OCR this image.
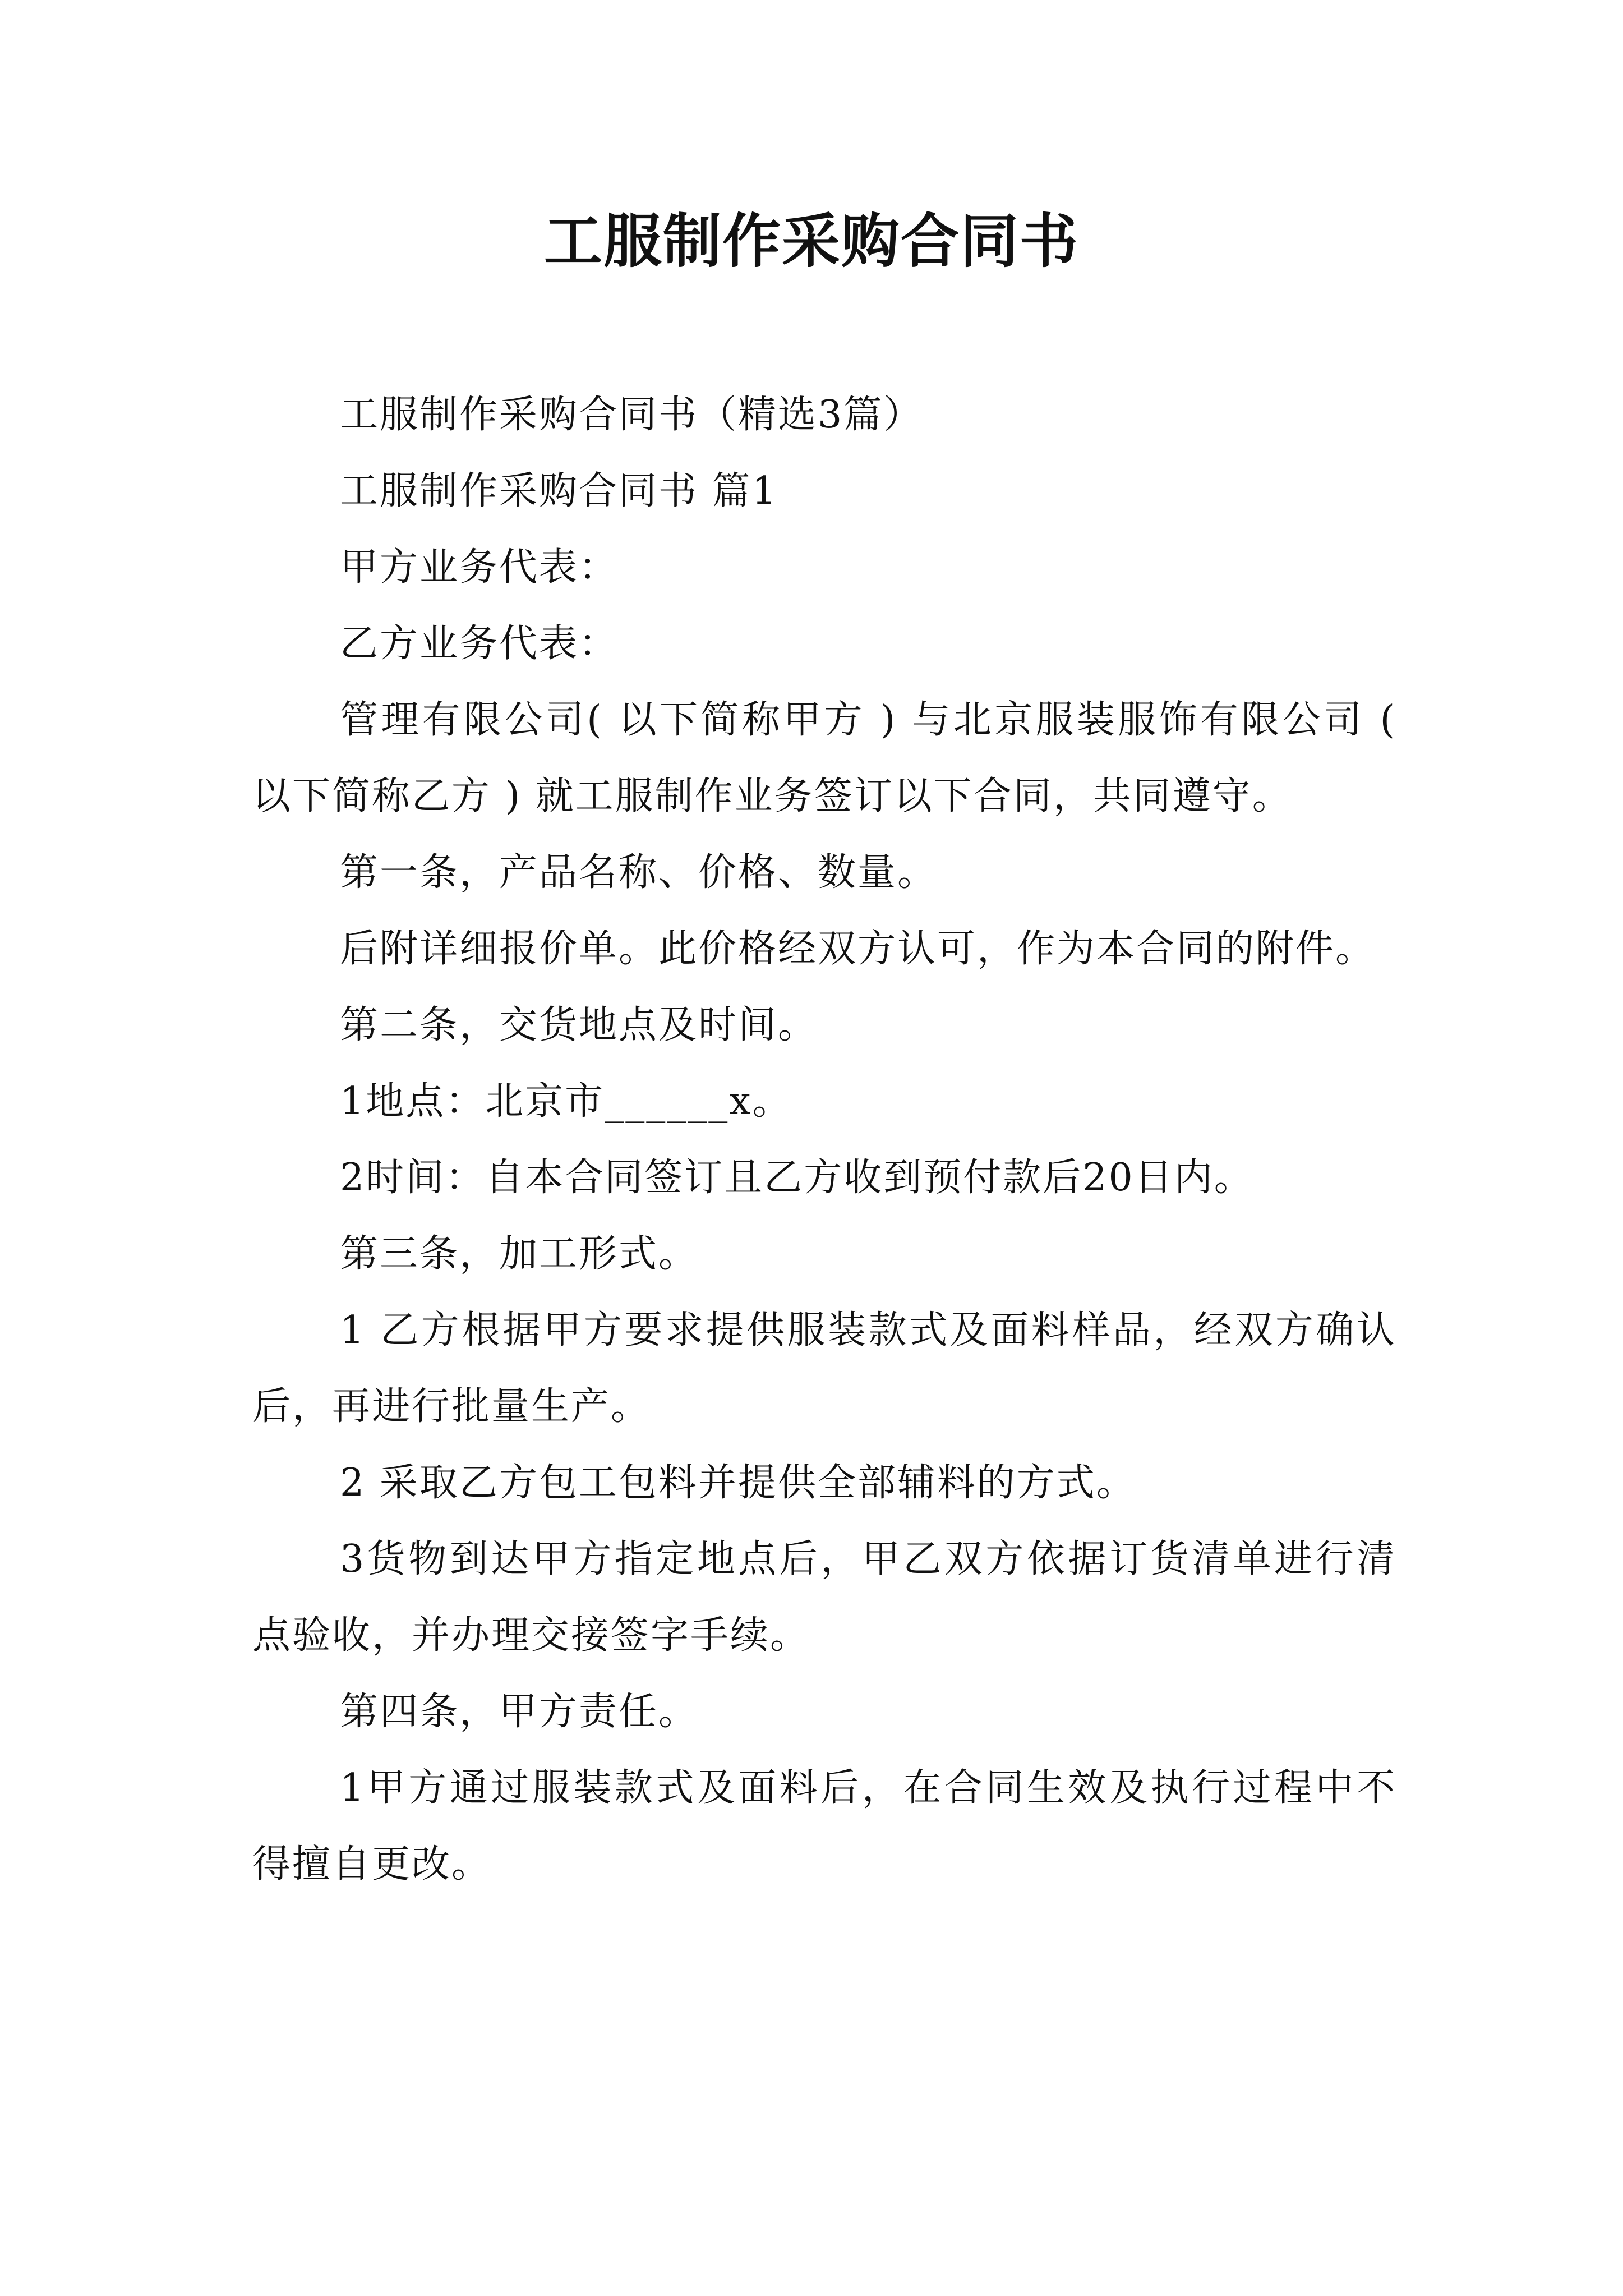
工服制作采购合同书

工服制作采购合同书（精选3篇）

工服制作采购合同书 篇1

甲方业务代表：

乙方业务代表：

管理有限公司( 以下简称甲方 ) 与北京服装服饰有限公司 ( 以下简称乙方 ) 就工服制作业务签订以下合同，共同遵守。

第一条，产品名称、价格、数量。

后附详细报价单。此价格经双方认可，作为本合同的附件。

第二条，交货地点及时间。

1地点：北京市______x。

2时间：自本合同签订且乙方收到预付款后20日内。

第三条，加工形式。

1 乙方根据甲方要求提供服装款式及面料样品，经双方确认后，再进行批量生产。

2 采取乙方包工包料并提供全部辅料的方式。

3货物到达甲方指定地点后，甲乙双方依据订货清单进行清点验收，并办理交接签字手续。

第四条，甲方责任。

1甲方通过服装款式及面料后，在合同生效及执行过程中不得擅自更改。
